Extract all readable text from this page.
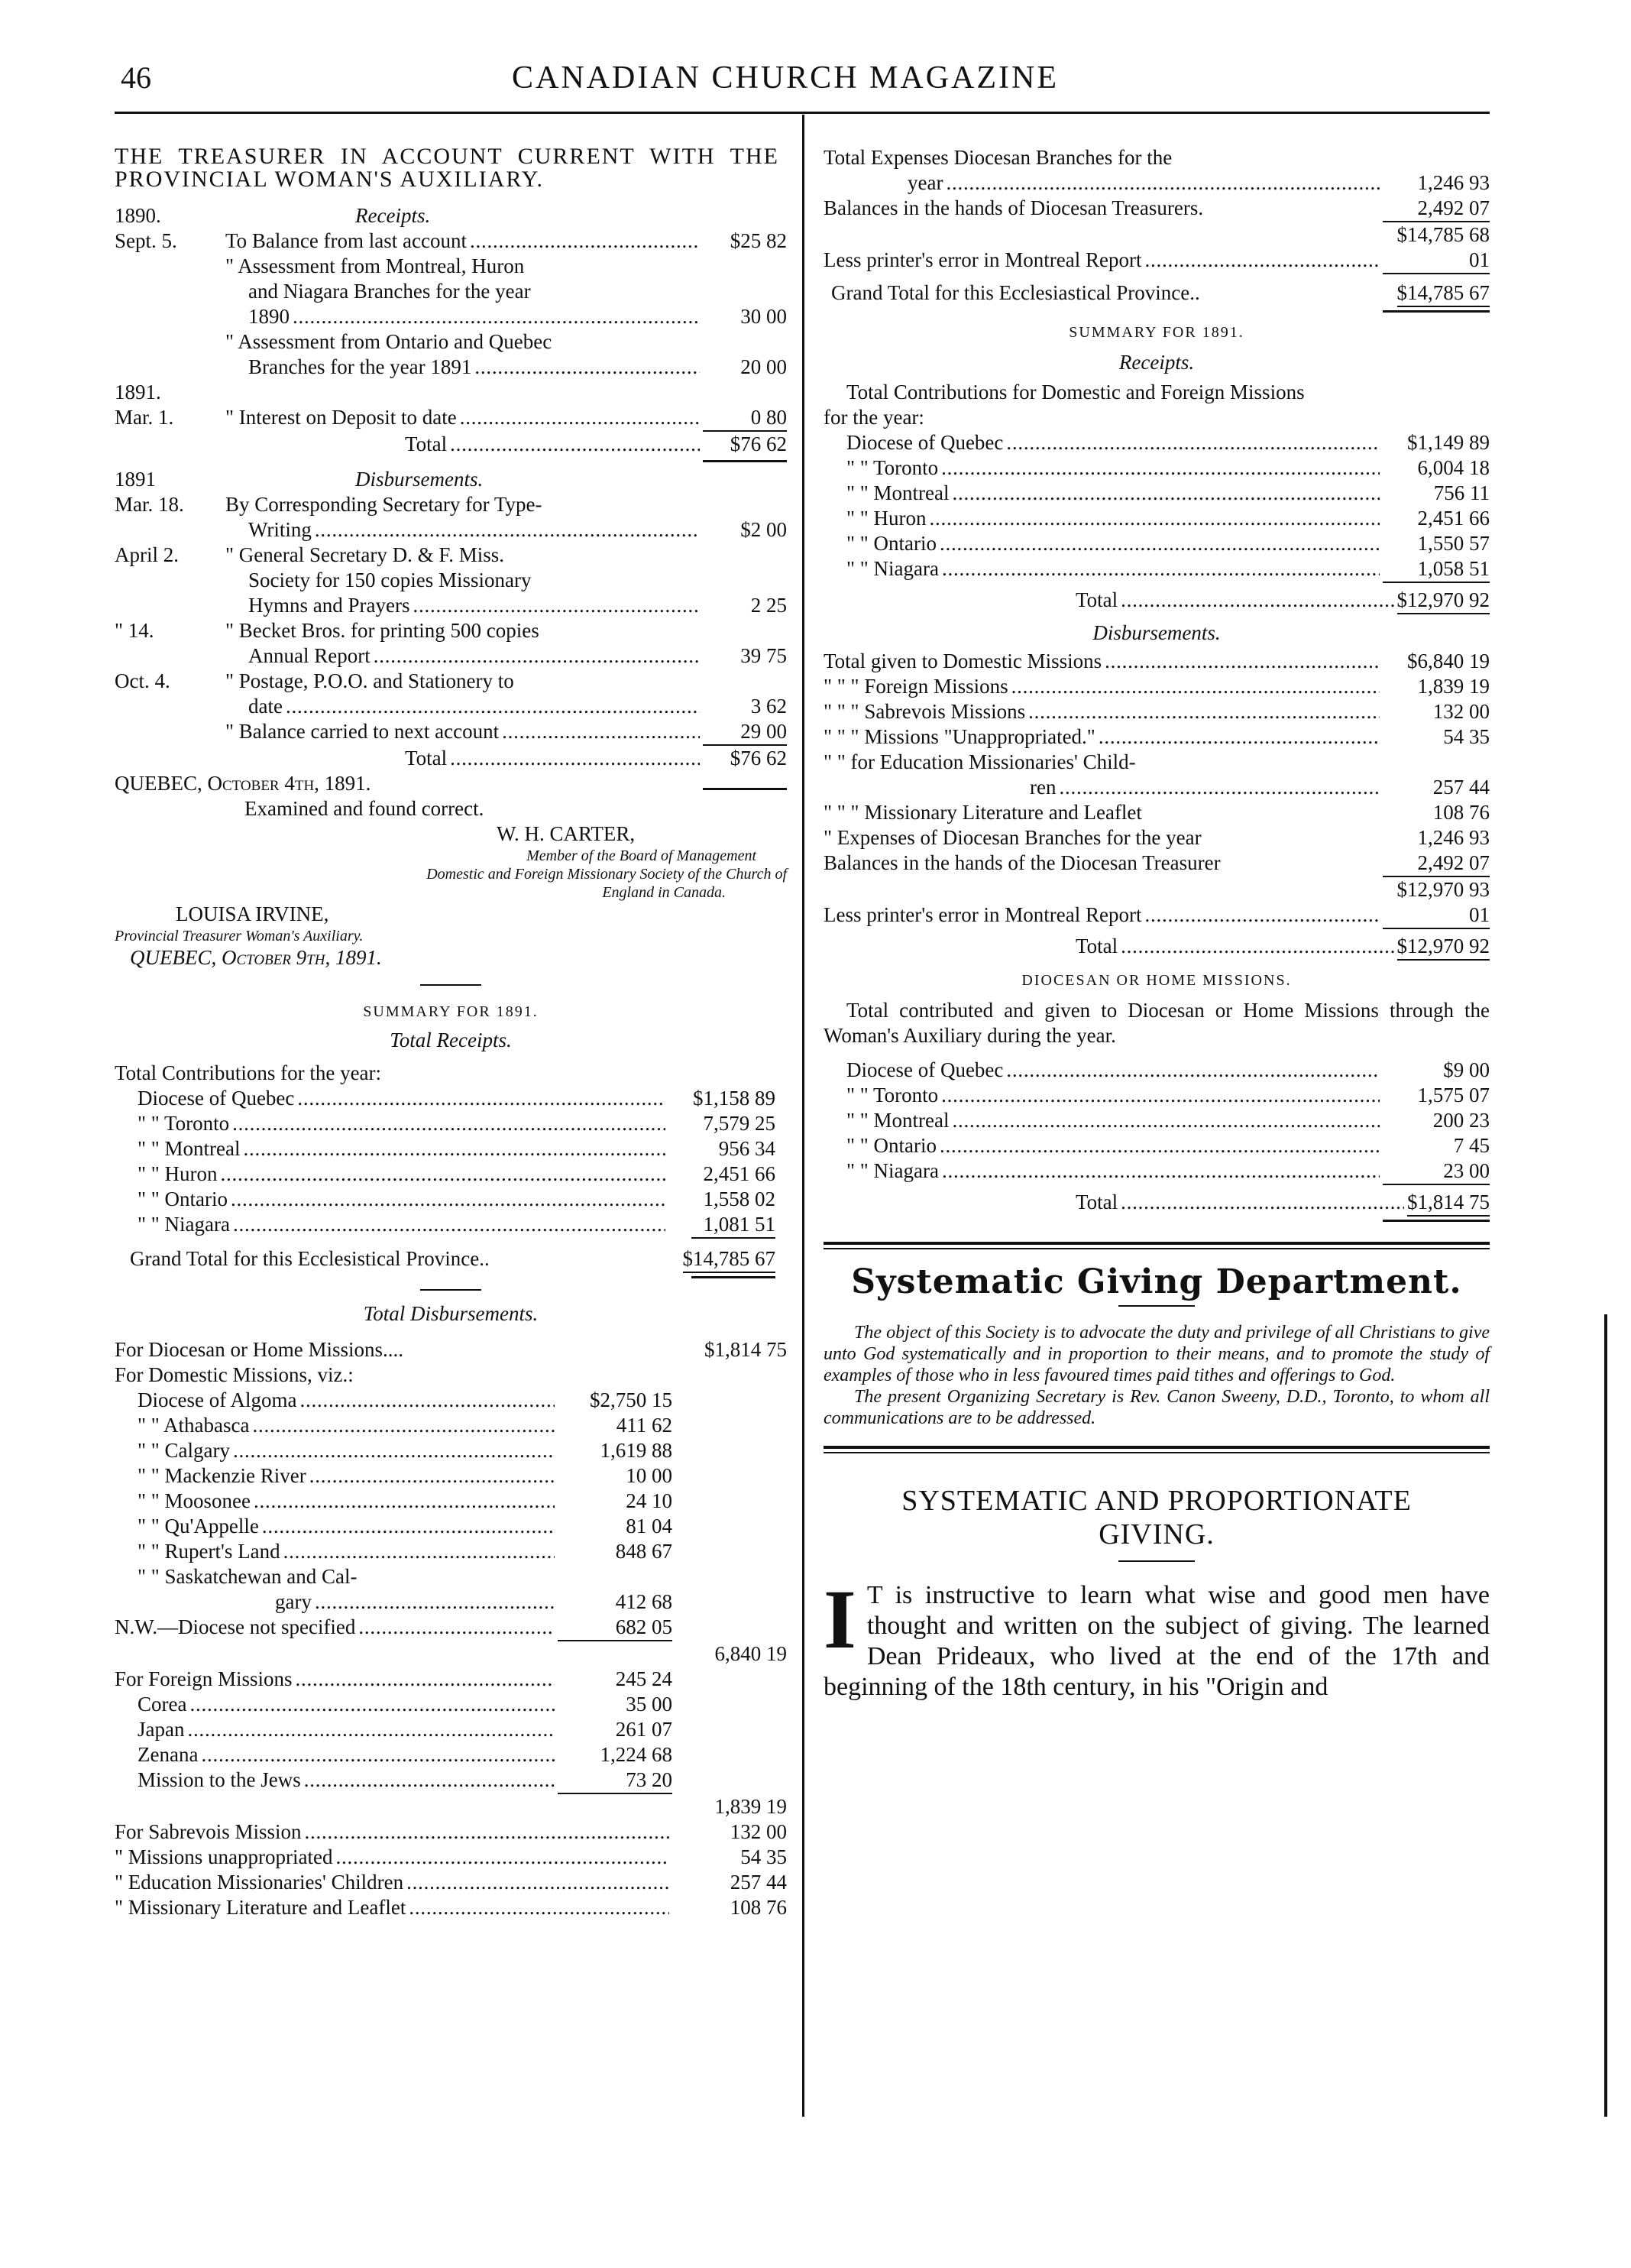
46	CANADIAN CHURCH MAGAZINE
THE TREASURER IN ACCOUNT CURRENT WITH THE PROVINCIAL WOMAN'S AUXILIARY.
1890.	Receipts.
Sept. 5.	To Balance from last account . . .	$25 82
" Assessment from Montreal, Huron
and Niagara Branches for the year
1890 . . .	30 00
" Assessment from Ontario and Quebec
Branches for the year 1891 . . .	20 00
1891.
Mar. 1.	" Interest on Deposit to date . . .	0 80
Total . . .	$76 62
1891	Disbursements.
Mar. 18.	By Corresponding Secretary for Type-
Writing . . .	$2 00
April 2.	" General Secretary D. & F. Miss.
Society for 150 copies Missionary
Hymns and Prayers . . .	2 25
" 14.	" Becket Bros. for printing 500 copies
Annual Report . . .	39 75
Oct. 4.	" Postage, P.O.O. and Stationery to
date . . .	3 62
" Balance carried to next account . . .	29 00
Total . . .	$76 62
QUEBEC, October 4th, 1891.
Examined and found correct.
W. H. CARTER,
Member of the Board of Management
Domestic and Foreign Missionary Society of the Church of
England in Canada.
LOUISA IRVINE,
Provincial Treasurer Woman's Auxiliary.
QUEBEC, October 9th, 1891.
SUMMARY FOR 1891.
Total Receipts.
Total Contributions for the year:
Diocese of Quebec . . .	$1,158 89
" " Toronto . . .	7,579 25
" " Montreal . . .	956 34
" " Huron . . .	2,451 66
" " Ontario . . .	1,558 02
" " Niagara . . .	1,081 51
Grand Total for this Ecclesistical Province..	$14,785 67
Total Disbursements.
For Diocesan or Home Missions....	$1,814 75
For Domestic Missions, viz.:
Diocese of Algoma . . .	$2,750 15
" " Athabasca . . .	411 62
" " Calgary . . .	1,619 88
" " Mackenzie River . . .	10 00
" " Moosonee . . .	24 10
" " Qu'Appelle . . .	81 04
" " Rupert's Land . . .	848 67
" " Saskatchewan and Cal-
gary . . .	412 68
N.W.—Diocese not specified . . .	682 05
6,840 19
For Foreign Missions . . .	245 24
Corea . . .	35 00
Japan . . .	261 07
Zenana . . .	1,224 68
Mission to the Jews . . .	73 20
1,839 19
For Sabrevois Mission . . .	132 00
" Missions unappropriated . . .	54 35
" Education Missionaries' Children . . .	257 44
" Missionary Literature and Leaflet . . .	108 76
Total Expenses Diocesan Branches for the
year . . .	1,246 93
Balances in the hands of Diocesan Treasurers.	2,492 07
$14,785 68
Less printer's error in Montreal Report . . .	01
Grand Total for this Ecclesiastical Province..	$14,785 67
SUMMARY FOR 1891.
Receipts.
Total Contributions for Domestic and Foreign Missions
for the year:
Diocese of Quebec . . .	$1,149 89
" " Toronto . . .	6,004 18
" " Montreal . . .	756 11
" " Huron . . .	2,451 66
" " Ontario . . .	1,550 57
" " Niagara . . .	1,058 51
Total . . .	$12,970 92
Disbursements.
Total given to Domestic Missions . . .	$6,840 19
" " " Foreign Missions . . .	1,839 19
" " " Sabrevois Missions . . .	132 00
" " " Missions "Unappropriated." . . .	54 35
" " for Education Missionaries' Child-
ren . . .	257 44
" " " Missionary Literature and Leaflet	108 76
" Expenses of Diocesan Branches for the year	1,246 93
Balances in the hands of the Diocesan Treasurer	2,492 07
$12,970 93
Less printer's error in Montreal Report . . .	01
Total . . .	$12,970 92
DIOCESAN OR HOME MISSIONS.
Total contributed and given to Diocesan or Home Missions through the Woman's Auxiliary during the year.
Diocese of Quebec . . .	$9 00
" " Toronto . . .	1,575 07
" " Montreal . . .	200 23
" " Ontario . . .	7 45
" " Niagara . . .	23 00
Total . . .	$1,814 75
Systematic Giving Department.
The object of this Society is to advocate the duty and privilege of all Christians to give unto God systematically and in proportion to their means, and to promote the study of examples of those who in less favoured times paid tithes and offerings to God.
The present Organizing Secretary is Rev. Canon Sweeny, D.D., Toronto, to whom all communications are to be addressed.
SYSTEMATIC AND PROPORTIONATE GIVING.
I T is instructive to learn what wise and good men have thought and written on the subject of giving. The learned Dean Prideaux, who lived at the end of the 17th and beginning of the 18th century, in his "Origin and
